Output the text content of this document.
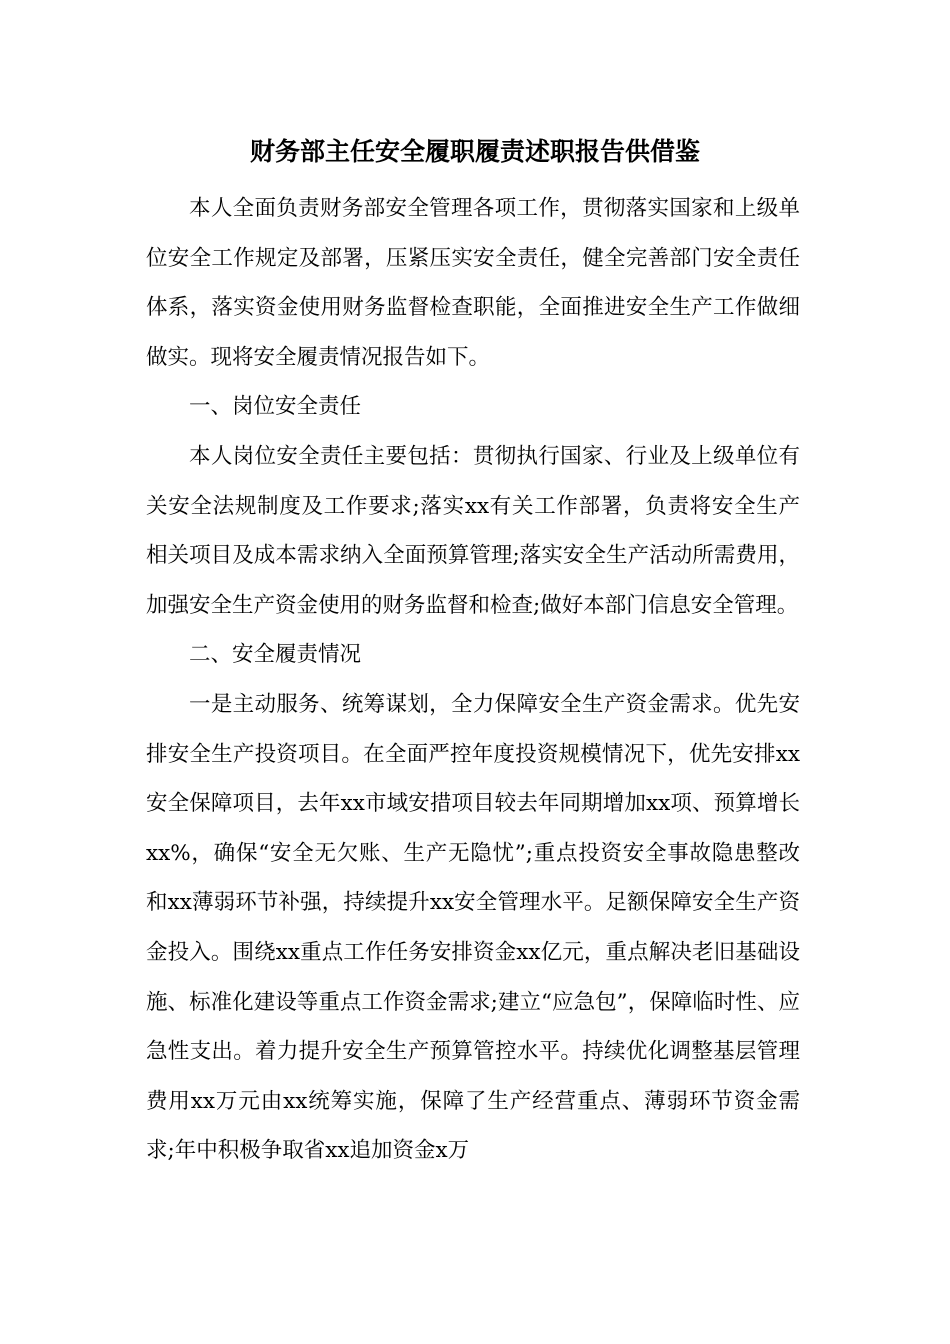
财务部主任安全履职履责述职报告供借鉴

本人全面负责财务部安全管理各项工作，贯彻落实国家和上级单位安全工作规定及部署，压紧压实安全责任，健全完善部门安全责任体系，落实资金使用财务监督检查职能，全面推进安全生产工作做细做实。现将安全履责情况报告如下。

一、岗位安全责任

本人岗位安全责任主要包括：贯彻执行国家、行业及上级单位有关安全法规制度及工作要求;落实xx有关工作部署，负责将安全生产相关项目及成本需求纳入全面预算管理;落实安全生产活动所需费用，加强安全生产资金使用的财务监督和检查;做好本部门信息安全管理。

二、安全履责情况

一是主动服务、统筹谋划，全力保障安全生产资金需求。优先安排安全生产投资项目。在全面严控年度投资规模情况下，优先安排xx安全保障项目，去年xx市域安措项目较去年同期增加xx项、预算增长xx%，确保“安全无欠账、生产无隐忧”;重点投资安全事故隐患整改和xx薄弱环节补强，持续提升xx安全管理水平。足额保障安全生产资金投入。围绕xx重点工作任务安排资金xx亿元，重点解决老旧基础设施、标准化建设等重点工作资金需求;建立“应急包”，保障临时性、应急性支出。着力提升安全生产预算管控水平。持续优化调整基层管理费用xx万元由xx统筹实施，保障了生产经营重点、薄弱环节资金需求;年中积极争取省xx追加资金x万
